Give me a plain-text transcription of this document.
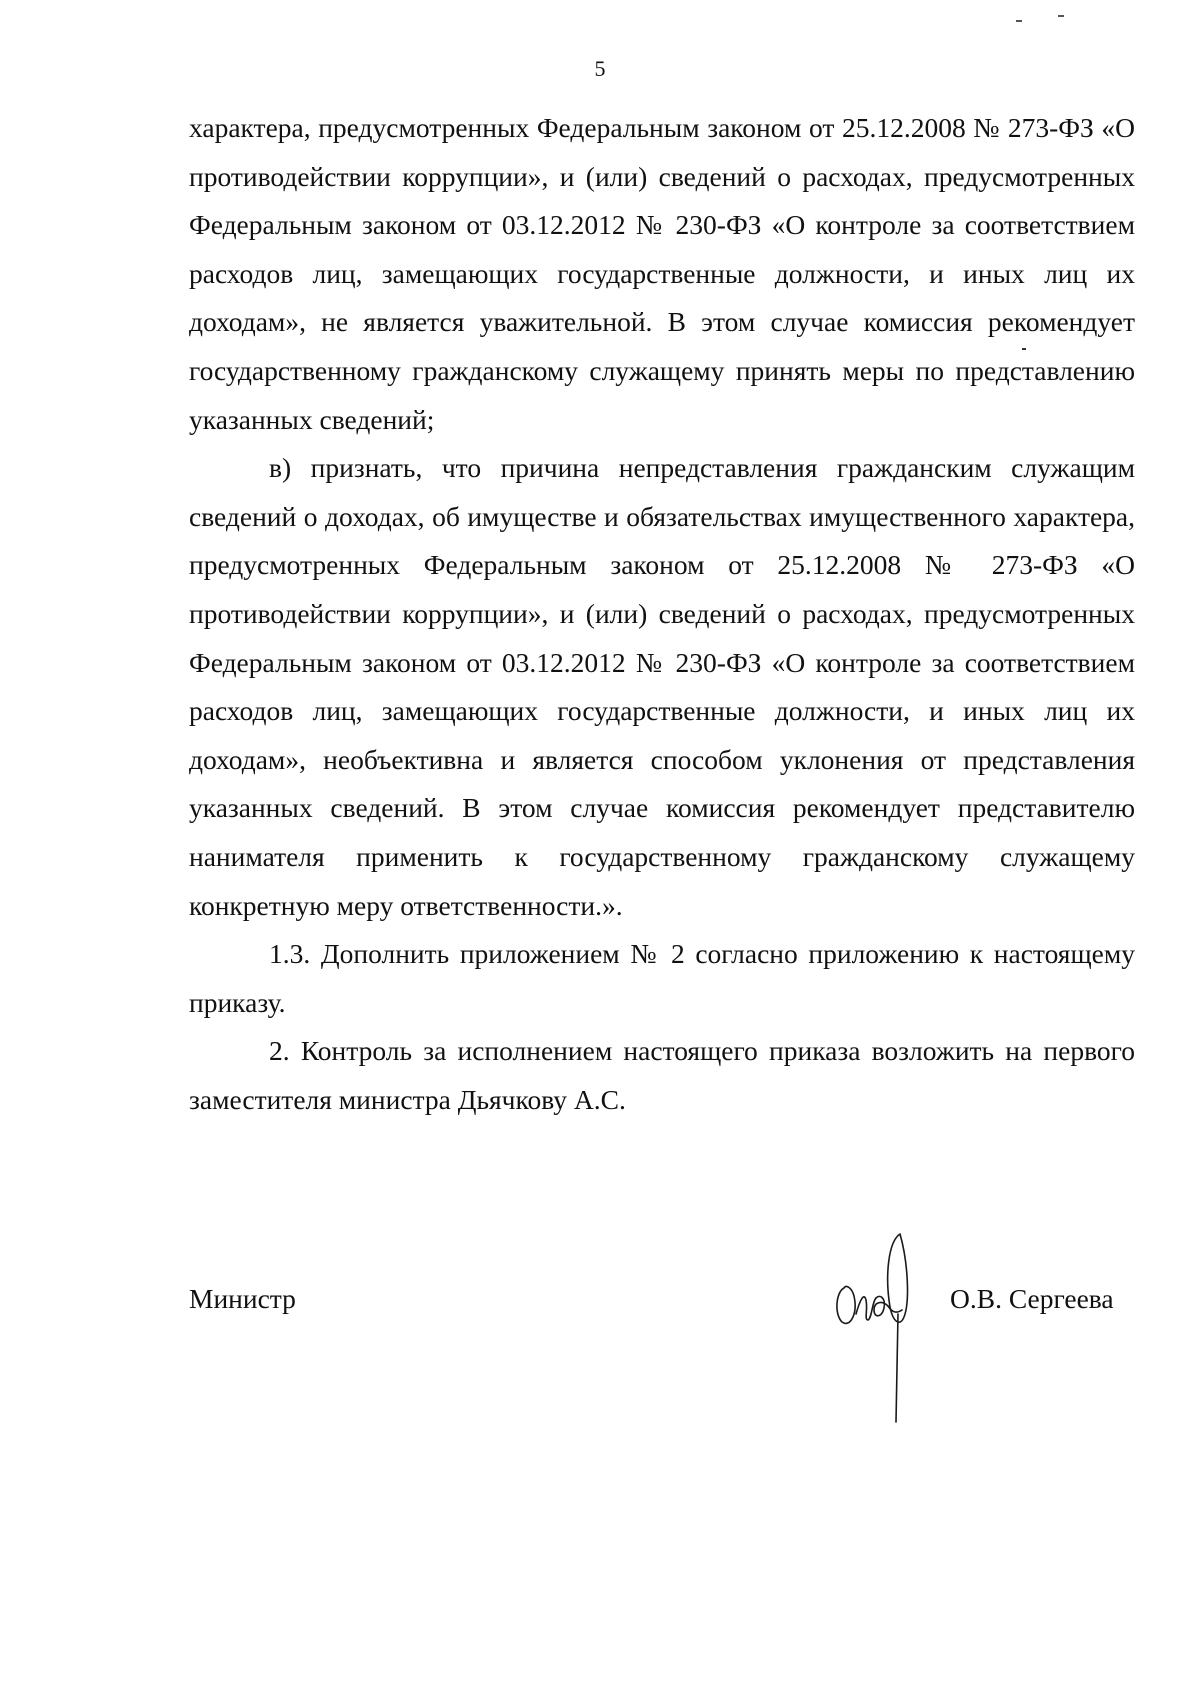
5

характера, предусмотренных Федеральным законом от 25.12.2008 № 273-ФЗ «О противодействии коррупции», и (или) сведений о расходах, предусмотренных Федеральным законом от 03.12.2012 № 230-ФЗ «О контроле за соответствием расходов лиц, замещающих государственные должности, и иных лиц их доходам», не является уважительной. В этом случае комиссия рекомендует государственному гражданскому служащему принять меры по представлению указанных сведений;

в) признать, что причина непредставления гражданским служащим сведений о доходах, об имуществе и обязательствах имущественного характера, предусмотренных Федеральным законом от 25.12.2008 № 273-ФЗ «О противодействии коррупции», и (или) сведений о расходах, предусмотренных Федеральным законом от 03.12.2012 № 230-ФЗ «О контроле за соответствием расходов лиц, замещающих государственные должности, и иных лиц их доходам», необъективна и является способом уклонения от представления указанных сведений. В этом случае комиссия рекомендует представителю нанимателя применить к государственному гражданскому служащему конкретную меру ответственности.».

1.3. Дополнить приложением № 2 согласно приложению к настоящему приказу.

2. Контроль за исполнением настоящего приказа возложить на первого заместителя министра Дьячкову А.С.

Министр	О.В. Сергеева
